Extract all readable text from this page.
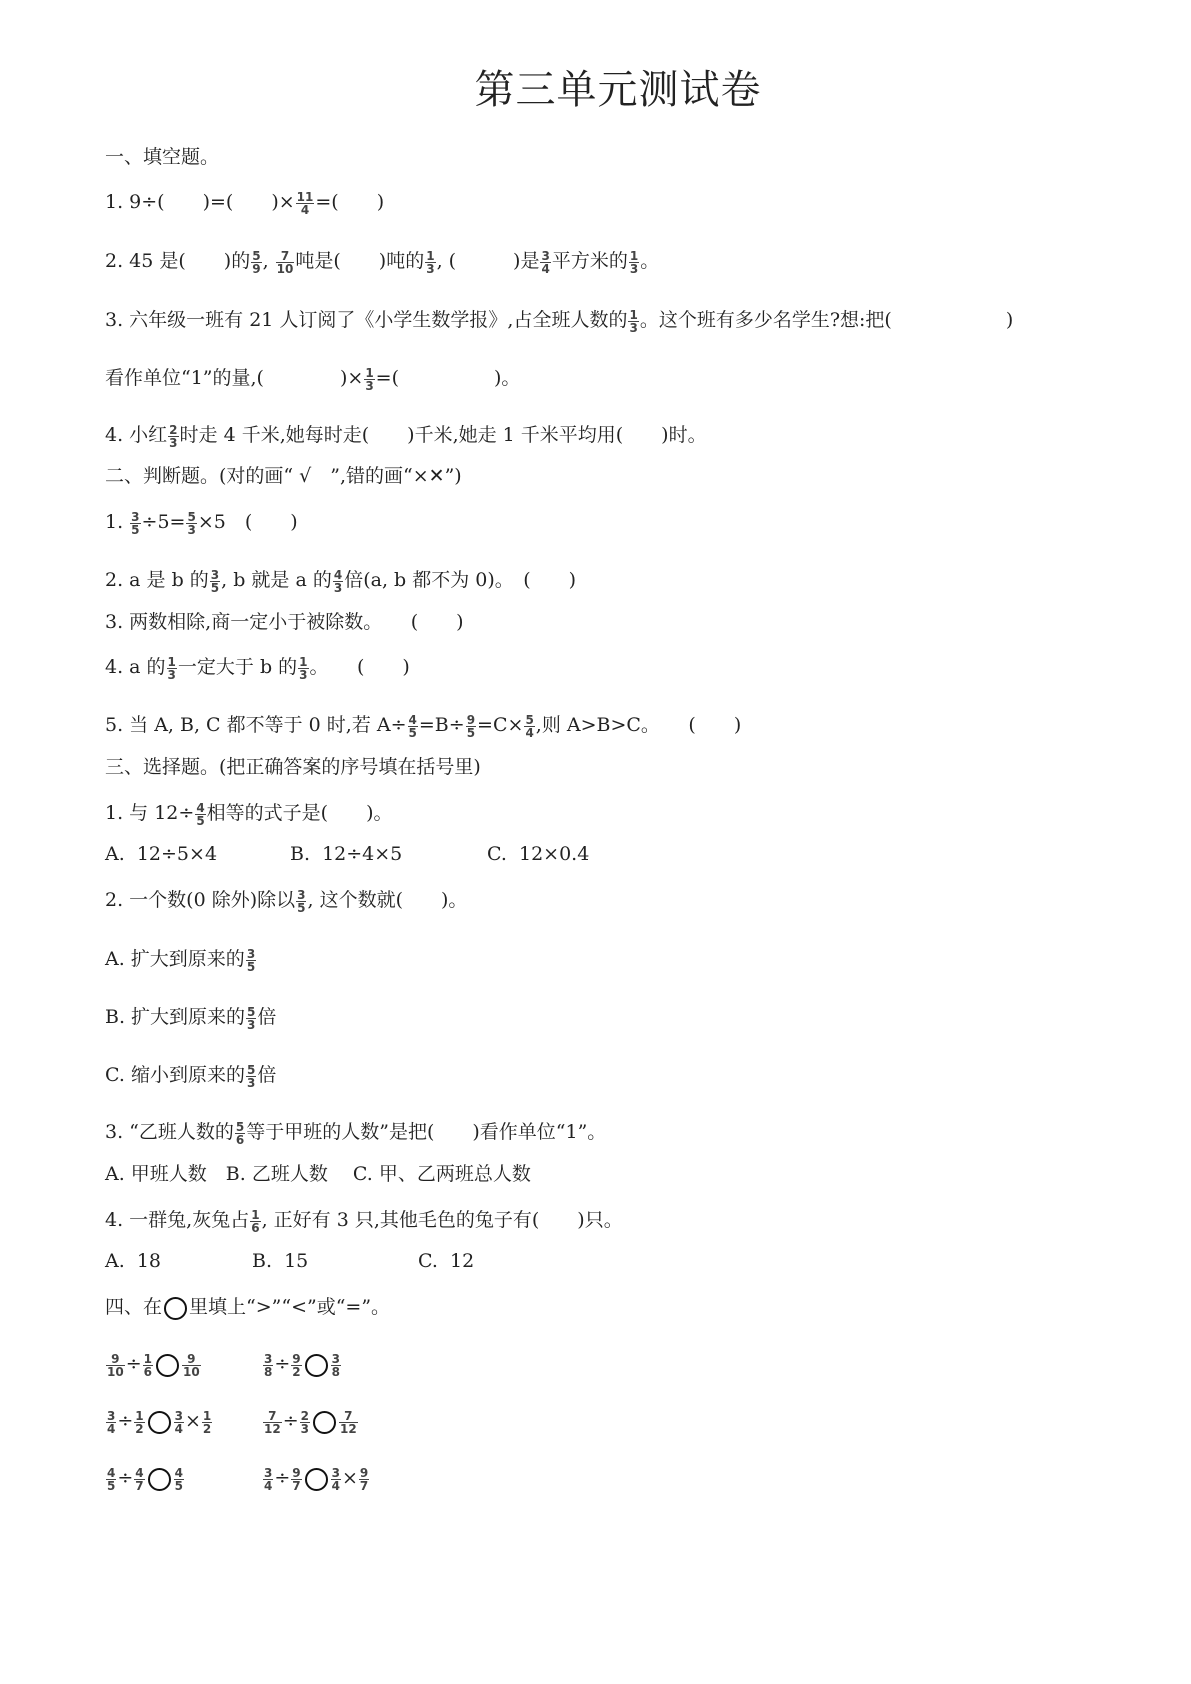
第三单元测试卷
一、填空题。
1. 9÷(　　)=(　　)× $\frac{11}{4}$ =(　　)
2. 45 是(　　)的 $\frac{5}{9}$ , $\frac{7}{10}$ 吨是(　　)吨的 $\frac{1}{3}$ , (　　　)是 $\frac{3}{4}$ 平方米的 $\frac{1}{3}$ 。
3. 六年级一班有 21 人订阅了《小学生数学报》,占全班人数的 $\frac{1}{3}$ 。这个班有多少名学生?想:把(　　　　　　)
看作单位“1”的量,(　　　　)× $\frac{1}{3}$ =(　　　　　)。
4. 小红 $\frac{2}{3}$ 时走 4 千米,她每时走(　　)千米,她走 1 千米平均用(　　)时。
二、判断题。(对的画“ √　”,错的画“×✕”)
1. $\frac{3}{5} \div 5= \frac{5}{3} \times 5$　(　　)
2. a 是 b 的 $\frac{3}{5}$ , b 就是 a 的 $\frac{4}{3}$ 倍(a, b 都不为 0)。　(　　)
3. 两数相除,商一定小于被除数。　　(　　)
4. a 的 $\frac{1}{3}$ 一定大于 b 的 $\frac{1}{3}$ 。　　(　　)
5. 当 A, B, C 都不等于 0 时,若 $A\div \frac{4}{5} =B\div \frac{9}{5} =C\times \frac{5}{4}$ ,则 A>B>C。　　(　　)
三、选择题。(把正确答案的序号填在括号里)
1. 与 $12\div \frac{4}{5}$ 相等的式子是(　　)。
A.  12÷5×4	B.  12÷4×5	C.  12×0.4
2. 一个数(0 除外)除以 $\frac{3}{5}$ , 这个数就(　　)。
A. 扩大到原来的 $\frac{3}{5}$
B. 扩大到原来的 $\frac{5}{3}$ 倍
C. 缩小到原来的 $\frac{5}{3}$ 倍
3. “乙班人数的 $\frac{5}{6}$ 等于甲班的人数”是把(　　)看作单位“1”。
A. 甲班人数　B. 乙班人数　 C. 甲、乙两班总人数
4. 一群兔,灰兔占 $\frac{1}{6}$ , 正好有 3 只,其他毛色的兔子有(　　)只。
A.  18	B.  15	C.  12
四、在 里填上“>”“<”或“=”。
$\frac{9}{10} \div \frac{1}{6} \frac{9}{10}$	$\frac{3}{8} \div \frac{9}{2} \frac{3}{8}$
$\frac{3}{4} \div \frac{1}{2} \frac{3}{4} \times \frac{1}{2}$	$\frac{7}{12} \div \frac{2}{3} \frac{7}{12}$
$\frac{4}{5} \div \frac{4}{7} \frac{4}{5}$	$\frac{3}{4} \div \frac{9}{7} \frac{3}{4} \times \frac{9}{7}$
